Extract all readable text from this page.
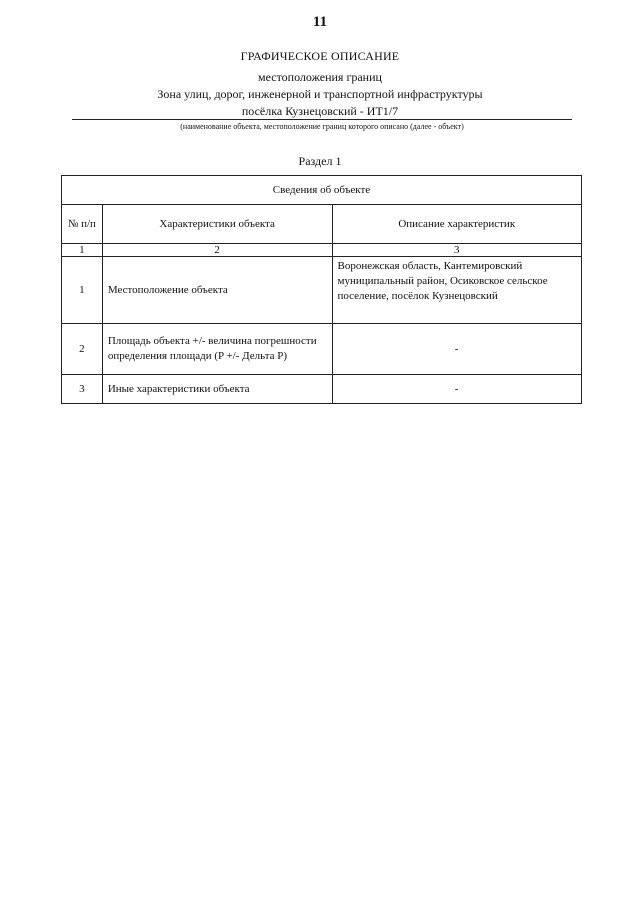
11
ГРАФИЧЕСКОЕ ОПИСАНИЕ
местоположения границ
Зона улиц, дорог, инженерной и транспортной инфраструктуры
посёлка Кузнецовский - ИТ1/7
(наименование объекта, местоположение границ которого описано (далее - объект)
Раздел 1
Сведения об объекте		
№ п/п	Характеристики объекта	Описание характеристик
1	2	3
1	Местоположение объекта	Воронежская область, Кантемировский муниципальный район, Осиковское сельское поселение, посёлок Кузнецовский
2	Площадь объекта +/- величина погрешности определения площади (P +/- Дельта P)	-
3	Иные характеристики объекта	-
